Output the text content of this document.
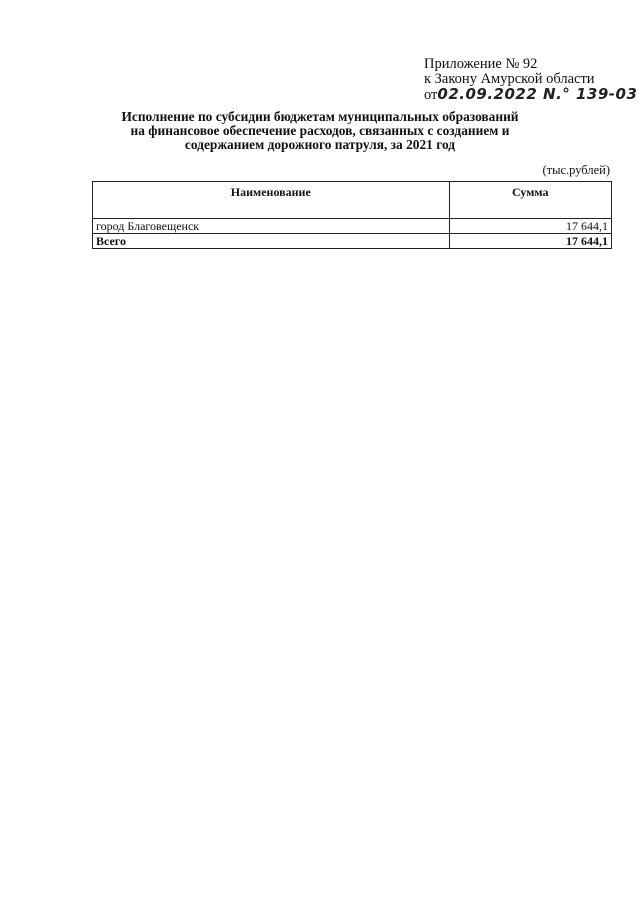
Приложение № 92
к Закону Амурской области
от02.09.2022 N.° 139-03
Исполнение по субсидии бюджетам муниципальных образований
на финансовое обеспечение расходов, связанных с созданием и
содержанием дорожного патруля, за 2021 год
(тыс.рублей)
Наименование	Сумма
город Благовещенск	17 644,1
Всего	17 644,1
